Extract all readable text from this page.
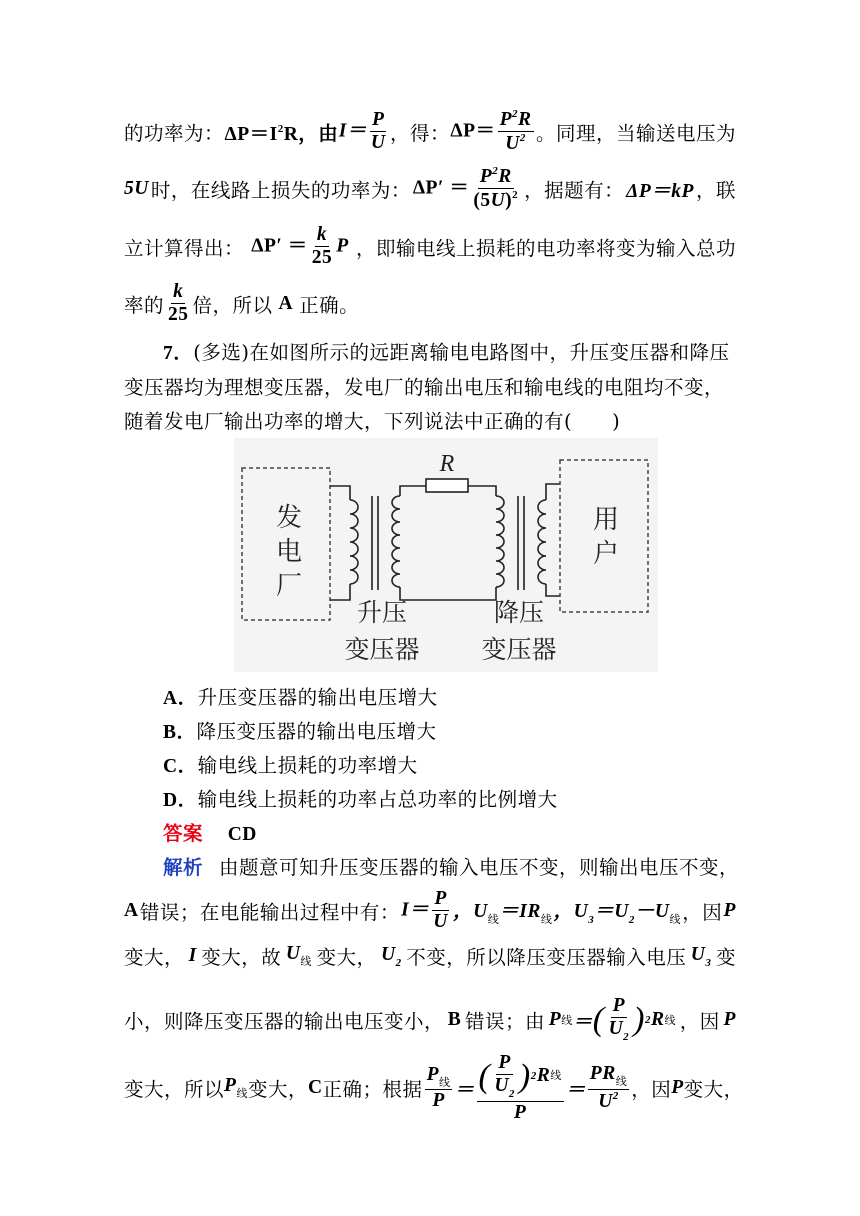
的功率为： $\Delta P=I^2R$，由 $I= \frac{P}{U}$ ，得： $\Delta P= \frac{P^2R}{U^2}$ 。同理，当输送电压为
5U 时，在线路上损失的功率为： $\Delta P' = \frac{P^2R}{(5U)^2}$ ，据题有： ΔP＝kP ，联
立计算得出： $\Delta P' = \frac{k}{25}$ P ，即输电线上损耗的电功率将变为输入总功
率的 $\frac{k}{25}$ 倍，所以 A 正确。
7．(多选)在如图所示的远距离输电电路图中，升压变压器和降压
变压器均为理想变压器，发电厂的输出电压和输电线的电阻均不变，
随着发电厂输出功率的增大，下列说法中正确的有(　　)
发
电
厂
R
用
户
升压
变压器
降压
变压器
A．升压变压器的输出电压增大
B．降压变压器的输出电压增大
C．输电线上损耗的功率增大
D．输电线上损耗的功率占总功率的比例增大
答案 CD
解析 由题意可知升压变压器的输入电压不变，则输出电压不变，
A 错误；在电能输出过程中有： $I= \frac{P}{U}$ ，$U_线=IR_线$ ，$U_3=U_2-U_线$ ，因 P
变大， I 变大，故 $U_线$ 变大， $U_2$ 不变，所以降压变压器输入电压 $U_3$ 变
小，则降压变压器的输出电压变小， B 错误；由 P 线 ＝ ( $\frac{P}{U_2}$ ) 2 R 线 ，因 P
变大，所以 $P_线$ 变大， C 正确；根据 $\frac{P_线}{P} = \frac{( \frac{P}{U_2} ) 2 R 线}{P} = \frac{PR_线}{U^2}$ ，因 P 变大，
